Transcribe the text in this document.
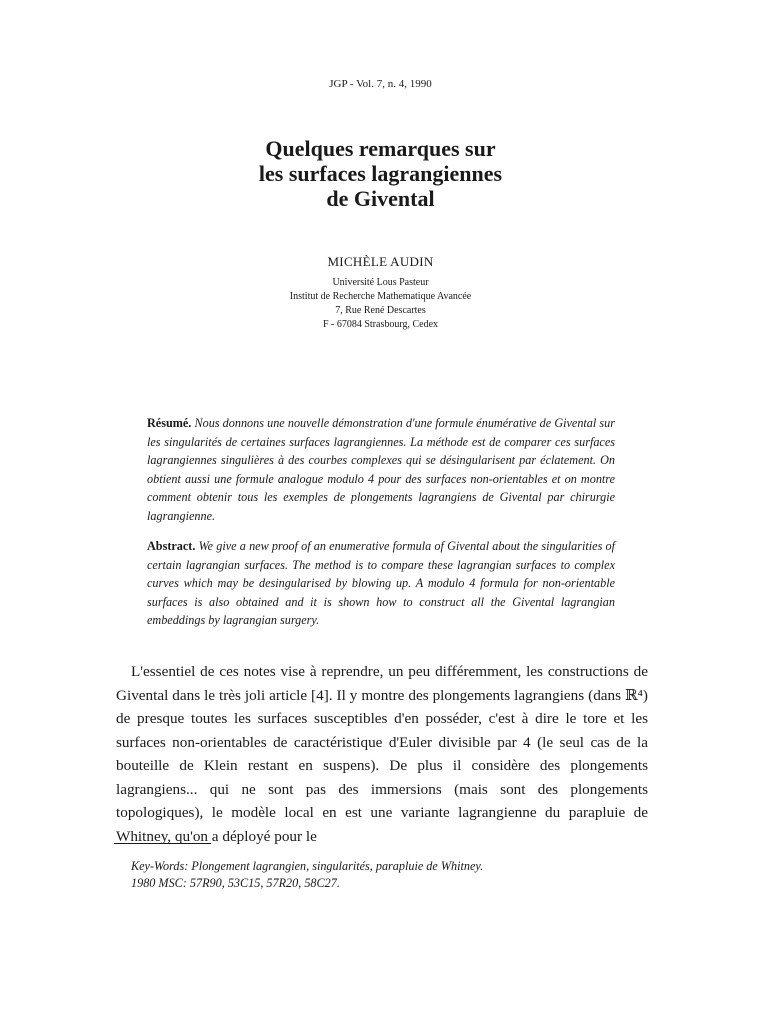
JGP - Vol. 7, n. 4, 1990
Quelques remarques sur
les surfaces lagrangiennes
de Givental
MICHÈLE AUDIN
Université Lous Pasteur
Institut de Recherche Mathematique Avancée
7, Rue René Descartes
F - 67084 Strasbourg, Cedex
Résumé. Nous donnons une nouvelle démonstration d'une formule énumérative de Givental sur les singularités de certaines surfaces lagrangiennes. La méthode est de comparer ces surfaces lagrangiennes singulières à des courbes complexes qui se désingularisent par éclatement. On obtient aussi une formule analogue modulo 4 pour des surfaces non-orientables et on montre comment obtenir tous les exemples de plongements lagrangiens de Givental par chirurgie lagrangienne.
Abstract. We give a new proof of an enumerative formula of Givental about the singularities of certain lagrangian surfaces. The method is to compare these lagrangian surfaces to complex curves which may be desingularised by blowing up. A modulo 4 formula for non-orientable surfaces is also obtained and it is shown how to construct all the Givental lagrangian embeddings by lagrangian surgery.
L'essentiel de ces notes vise à reprendre, un peu différemment, les constructions de Givental dans le très joli article [4]. Il y montre des plongements lagrangiens (dans ℝ⁴) de presque toutes les surfaces susceptibles d'en posséder, c'est à dire le tore et les surfaces non-orientables de caractéristique d'Euler divisible par 4 (le seul cas de la bouteille de Klein restant en suspens). De plus il considère des plongements lagrangiens... qui ne sont pas des immersions (mais sont des plongements topologiques), le modèle local en est une variante lagrangienne du parapluie de Whitney, qu'on a déployé pour le
Key-Words: Plongement lagrangien, singularités, parapluie de Whitney.
1980 MSC: 57R90, 53C15, 57R20, 58C27.
